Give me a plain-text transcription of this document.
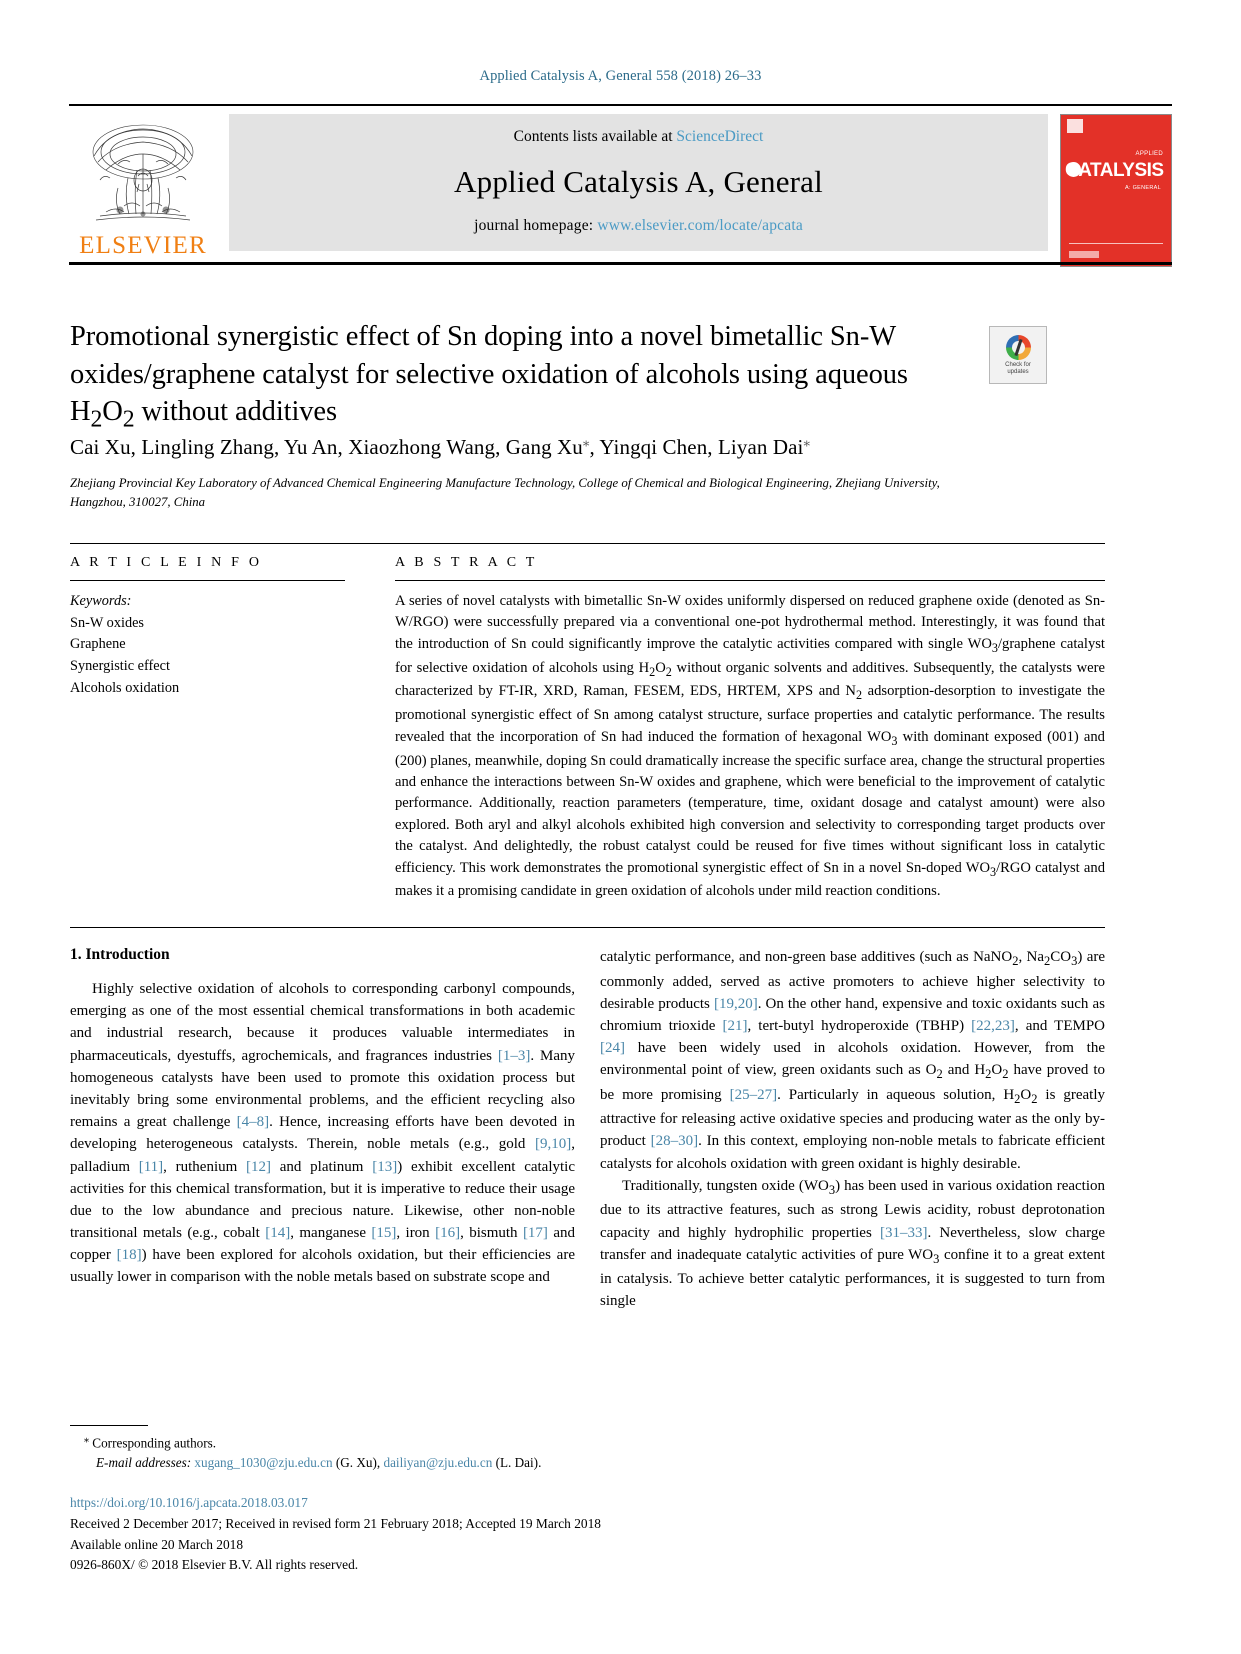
Applied Catalysis A, General 558 (2018) 26–33
ELSEVIER
Contents lists available at ScienceDirect
Applied Catalysis A, General
journal homepage: www.elsevier.com/locate/apcata
APPLIED
CATALYSIS
A: GENERAL
Promotional synergistic effect of Sn doping into a novel bimetallic Sn-W
oxides/graphene catalyst for selective oxidation of alcohols using aqueous
$H_2O_2$ without additives
Check for
updates
Cai Xu, Lingling Zhang, Yu An, Xiaozhong Wang, Gang Xu⁎, Yingqi Chen, Liyan Dai⁎
Zhejiang Provincial Key Laboratory of Advanced Chemical Engineering Manufacture Technology, College of Chemical and Biological Engineering, Zhejiang University, Hangzhou, 310027, China
A R T I C L E I N F O
Keywords:
Sn-W oxides
Graphene
Synergistic effect
Alcohols oxidation
A B S T R A C T

A series of novel catalysts with bimetallic Sn-W oxides uniformly dispersed on reduced graphene oxide (denoted as Sn-W/RGO) were successfully prepared via a conventional one-pot hydrothermal method. Interestingly, it was found that the introduction of Sn could significantly improve the catalytic activities compared with single $WO_3$/graphene catalyst for selective oxidation of alcohols using $H_2O_2$ without organic solvents and additives. Subsequently, the catalysts were characterized by FT-IR, XRD, Raman, FESEM, EDS, HRTEM, XPS and $N_2$ adsorption-desorption to investigate the promotional synergistic effect of Sn among catalyst structure, surface properties and catalytic performance. The results revealed that the incorporation of Sn had induced the formation of hexagonal $WO_3$ with dominant exposed (001) and (200) planes, meanwhile, doping Sn could dramatically increase the specific surface area, change the structural properties and enhance the interactions between Sn-W oxides and graphene, which were beneficial to the improvement of catalytic performance. Additionally, reaction parameters (temperature, time, oxidant dosage and catalyst amount) were also explored. Both aryl and alkyl alcohols exhibited high conversion and selectivity to corresponding target products over the catalyst. And delightedly, the robust catalyst could be reused for five times without significant loss in catalytic efficiency. This work demonstrates the promotional synergistic effect of Sn in a novel Sn-doped $WO_3$/RGO catalyst and makes it a promising candidate in green oxidation of alcohols under mild reaction conditions.

1. Introduction

Highly selective oxidation of alcohols to corresponding carbonyl compounds, emerging as one of the most essential chemical transformations in both academic and industrial research, because it produces valuable intermediates in pharmaceuticals, dyestuffs, agrochemicals, and fragrances industries [1–3]. Many homogeneous catalysts have been used to promote this oxidation process but inevitably bring some environmental problems, and the efficient recycling also remains a great challenge [4–8]. Hence, increasing efforts have been devoted in developing heterogeneous catalysts. Therein, noble metals (e.g., gold [9,10], palladium [11], ruthenium [12] and platinum [13]) exhibit excellent catalytic activities for this chemical transformation, but it is imperative to reduce their usage due to the low abundance and precious nature. Likewise, other non-noble transitional metals (e.g., cobalt [14], manganese [15], iron [16], bismuth [17] and copper [18]) have been explored for alcohols oxidation, but their efficiencies are usually lower in comparison with the noble metals based on substrate scope and

catalytic performance, and non-green base additives (such as NaNO$_2$, $Na_2CO_3$) are commonly added, served as active promoters to achieve higher selectivity to desirable products [19,20]. On the other hand, expensive and toxic oxidants such as chromium trioxide [21], tert-butyl hydroperoxide (TBHP) [22,23], and TEMPO [24] have been widely used in alcohols oxidation. However, from the environmental point of view, green oxidants such as $O_2$ and $H_2O_2$ have proved to be more promising [25–27]. Particularly in aqueous solution, $H_2O_2$ is greatly attractive for releasing active oxidative species and producing water as the only by-product [28–30]. In this context, employing non-noble metals to fabricate efficient catalysts for alcohols oxidation with green oxidant is highly desirable.

Traditionally, tungsten oxide $(WO_3)$ has been used in various oxidation reaction due to its attractive features, such as strong Lewis acidity, robust deprotonation capacity and highly hydrophilic properties [31–33]. Nevertheless, slow charge transfer and inadequate catalytic activities of pure $WO_3$ confine it to a great extent in catalysis. To achieve better catalytic performances, it is suggested to turn from single

⁎ Corresponding authors.
E-mail addresses: xugang_1030@zju.edu.cn (G. Xu), dailiyan@zju.edu.cn (L. Dai).
https://doi.org/10.1016/j.apcata.2018.03.017
Received 2 December 2017; Received in revised form 21 February 2018; Accepted 19 March 2018
Available online 20 March 2018
0926-860X/ © 2018 Elsevier B.V. All rights reserved.
